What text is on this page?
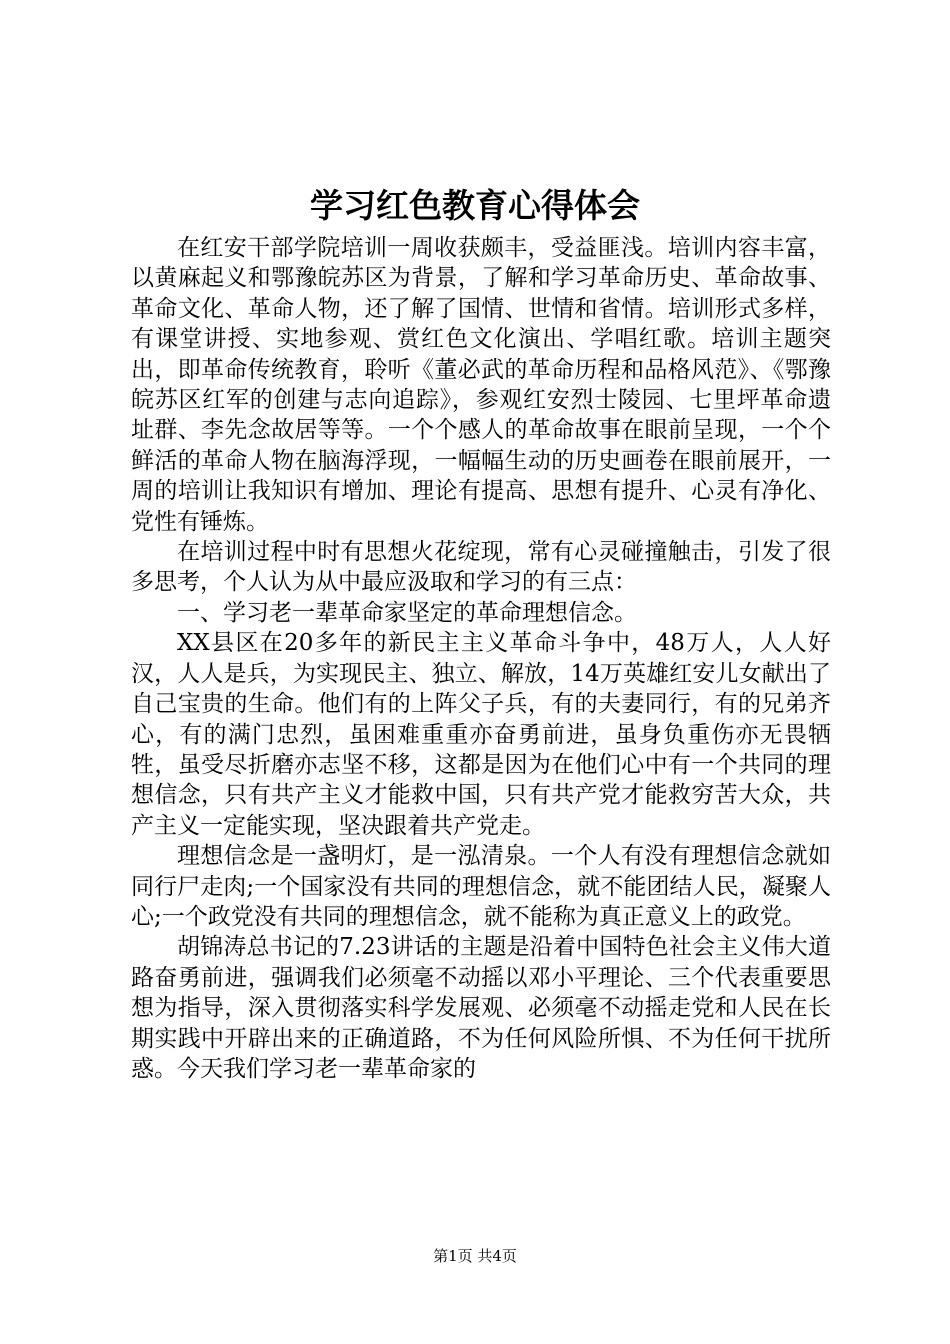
学习红色教育心得体会

在红安干部学院培训一周收获颇丰，受益匪浅。培训内容丰富，以黄麻起义和鄂豫皖苏区为背景，了解和学习革命历史、革命故事、革命文化、革命人物，还了解了国情、世情和省情。培训形式多样，有课堂讲授、实地参观、赏红色文化演出、学唱红歌。培训主题突出，即革命传统教育，聆听《董必武的革命历程和品格风范》、《鄂豫皖苏区红军的创建与志向追踪》，参观红安烈士陵园、七里坪革命遗址群、李先念故居等等。一个个感人的革命故事在眼前呈现，一个个鲜活的革命人物在脑海浮现，一幅幅生动的历史画卷在眼前展开，一周的培训让我知识有增加、理论有提高、思想有提升、心灵有净化、党性有锤炼。

在培训过程中时有思想火花绽现，常有心灵碰撞触击，引发了很多思考，个人认为从中最应汲取和学习的有三点：

一、学习老一辈革命家坚定的革命理想信念。

XX县区在20多年的新民主主义革命斗争中，48万人，人人好汉，人人是兵，为实现民主、独立、解放，14万英雄红安儿女献出了自己宝贵的生命。他们有的上阵父子兵，有的夫妻同行，有的兄弟齐心，有的满门忠烈，虽困难重重亦奋勇前进，虽身负重伤亦无畏牺牲，虽受尽折磨亦志坚不移，这都是因为在他们心中有一个共同的理想信念，只有共产主义才能救中国，只有共产党才能救穷苦大众，共产主义一定能实现，坚决跟着共产党走。

理想信念是一盏明灯，是一泓清泉。一个人有没有理想信念就如同行尸走肉;一个国家没有共同的理想信念，就不能团结人民，凝聚人心;一个政党没有共同的理想信念，就不能称为真正意义上的政党。

胡锦涛总书记的7.23讲话的主题是沿着中国特色社会主义伟大道路奋勇前进，强调我们必须毫不动摇以邓小平理论、三个代表重要思想为指导，深入贯彻落实科学发展观、必须毫不动摇走党和人民在长期实践中开辟出来的正确道路，不为任何风险所惧、不为任何干扰所惑。今天我们学习老一辈革命家的

第1页 共4页
